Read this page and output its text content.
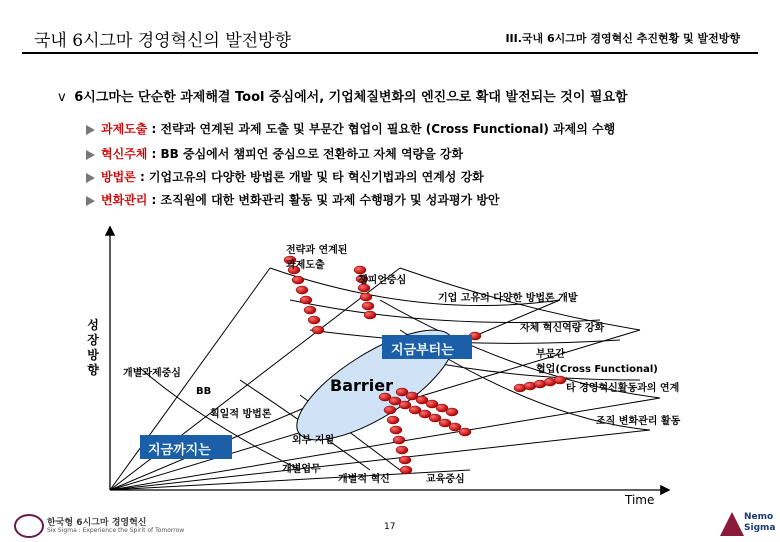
국내 6시그마 경영혁신의 발전방향	III.국내 6시그마 경영혁신 추진현황 및 발전방향
v 6시그마는 단순한 과제해결 Tool 중심에서, 기업체질변화의 엔진으로 확대 발전되는 것이 필요함
과제도출 : 전략과 연계된 과제 도출 및 부문간 협업이 필요한 (Cross Functional) 과제의 수행
혁신주체 : BB 중심에서 챔피언 중심으로 전환하고 자체 역량을 강화
방법론 : 기업고유의 다양한 방법론 개발 및 타 혁신기법과의 연계성 강화
변화관리 : 조직원에 대한 변화관리 활동 및 과제 수행평가 및 성과평가 방안
성장방향
전략과 연계된
과제도출
챔피언중심
기업 고유의 다양한 방법론 개발
자체 혁신역량 강화
부문간
협업(Cross Functional)
타 경영혁신활동과의 연계
조직 변화관리 활동
개별과제중심
BB
획일적 방법론
외부 지원
개별업무
개별적 혁신	교육중심
Barrier
지금부터는
지금까지는
Time
한국형 6시그마 경영혁신
Six Sigma : Experience the Spirit of Tomorrow	17
Nemo
Sigma
